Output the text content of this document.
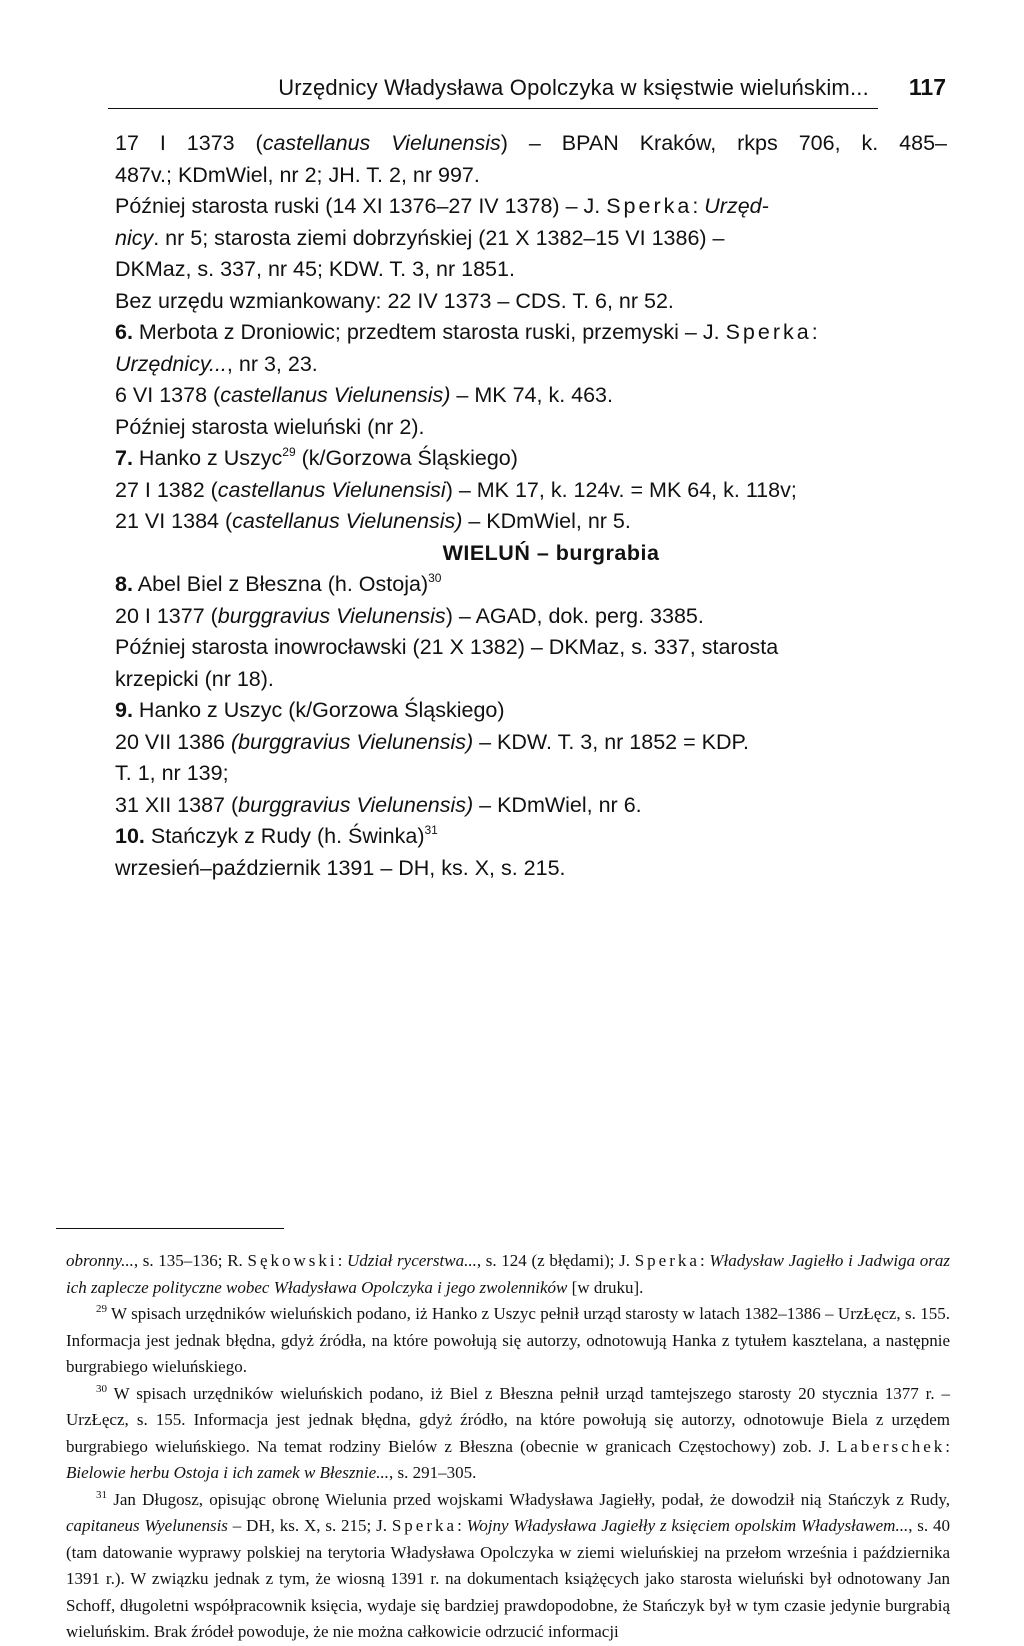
Urzędnicy Władysława Opolczyka w księstwie wieluńskim... 117
17 I 1373 (castellanus Vielunensis) – BPAN Kraków, rkps 706, k. 485–
487v.; KDmWiel, nr 2; JH. T. 2, nr 997.
Później starosta ruski (14 XI 1376–27 IV 1378) – J. Sperka: Urzęd-
nicy. nr 5; starosta ziemi dobrzyńskiej (21 X 1382–15 VI 1386) –
DKMaz, s. 337, nr 45; KDW. T. 3, nr 1851.
Bez urzędu wzmiankowany: 22 IV 1373 – CDS. T. 6, nr 52.
6. Merbota z Droniowic; przedtem starosta ruski, przemyski – J. Sperka:
Urzędnicy..., nr 3, 23.
6 VI 1378 (castellanus Vielunensis) – MK 74, k. 463.
Później starosta wieluński (nr 2).
7. Hanko z Uszyc$^{29}$ (k/Gorzowa Śląskiego)
27 I 1382 (castellanus Vielunensisi) – MK 17, k. 124v. = MK 64, k. 118v;
21 VI 1384 (castellanus Vielunensis) – KDmWiel, nr 5.
WIELUŃ – burgrabia
8. Abel Biel z Błeszna (h. Ostoja)$^{30}$
20 I 1377 (burggravius Vielunensis) – AGAD, dok. perg. 3385.
Później starosta inowrocławski (21 X 1382) – DKMaz, s. 337, starosta
krzepicki (nr 18).
9. Hanko z Uszyc (k/Gorzowa Śląskiego)
20 VII 1386 (burggravius Vielunensis) – KDW. T. 3, nr 1852 = KDP.
T. 1, nr 139;
31 XII 1387 (burggravius Vielunensis) – KDmWiel, nr 6.
10. Stańczyk z Rudy (h. Świnka)$^{31}$
wrzesień–październik 1391 – DH, ks. X, s. 215.

obronny..., s. 135–136; R. Sękowski: Udział rycerstwa..., s. 124 (z błędami); J. Sperka: Władysław Jagiełło i Jadwiga oraz ich zaplecze polityczne wobec Władysława Opolczyka i jego zwolenników [w druku].

$^{29}$ W spisach urzędników wieluńskich podano, iż Hanko z Uszyc pełnił urząd starosty w latach 1382–1386 – UrzŁęcz, s. 155. Informacja jest jednak błędna, gdyż źródła, na które powołują się autorzy, odnotowują Hanka z tytułem kasztelana, a następnie burgrabiego wieluńskiego.

$^{30}$ W spisach urzędników wieluńskich podano, iż Biel z Błeszna pełnił urząd tamtejszego starosty 20 stycznia 1377 r. – UrzŁęcz, s. 155. Informacja jest jednak błędna, gdyż źródło, na które powołują się autorzy, odnotowuje Biela z urzędem burgrabiego wieluńskiego. Na temat rodziny Bielów z Błeszna (obecnie w granicach Częstochowy) zob. J. Laberschek: Bielowie herbu Ostoja i ich zamek w Błesznie..., s. 291–305.

$^{31}$ Jan Długosz, opisując obronę Wielunia przed wojskami Władysława Jagiełły, podał, że dowodził nią Stańczyk z Rudy, capitaneus Wyelunensis – DH, ks. X, s. 215; J. Sperka: Wojny Władysława Jagiełły z księciem opolskim Władysławem..., s. 40 (tam datowanie wyprawy polskiej na terytoria Władysława Opolczyka w ziemi wieluńskiej na przełom września i października 1391 r.). W związku jednak z tym, że wiosną 1391 r. na dokumentach książęcych jako starosta wieluński był odnotowany Jan Schoff, długoletni współpracownik księcia, wydaje się bardziej prawdopodobne, że Stańczyk był w tym czasie jedynie burgrabią wieluńskim. Brak źródeł powoduje, że nie można całkowicie odrzucić informacji
